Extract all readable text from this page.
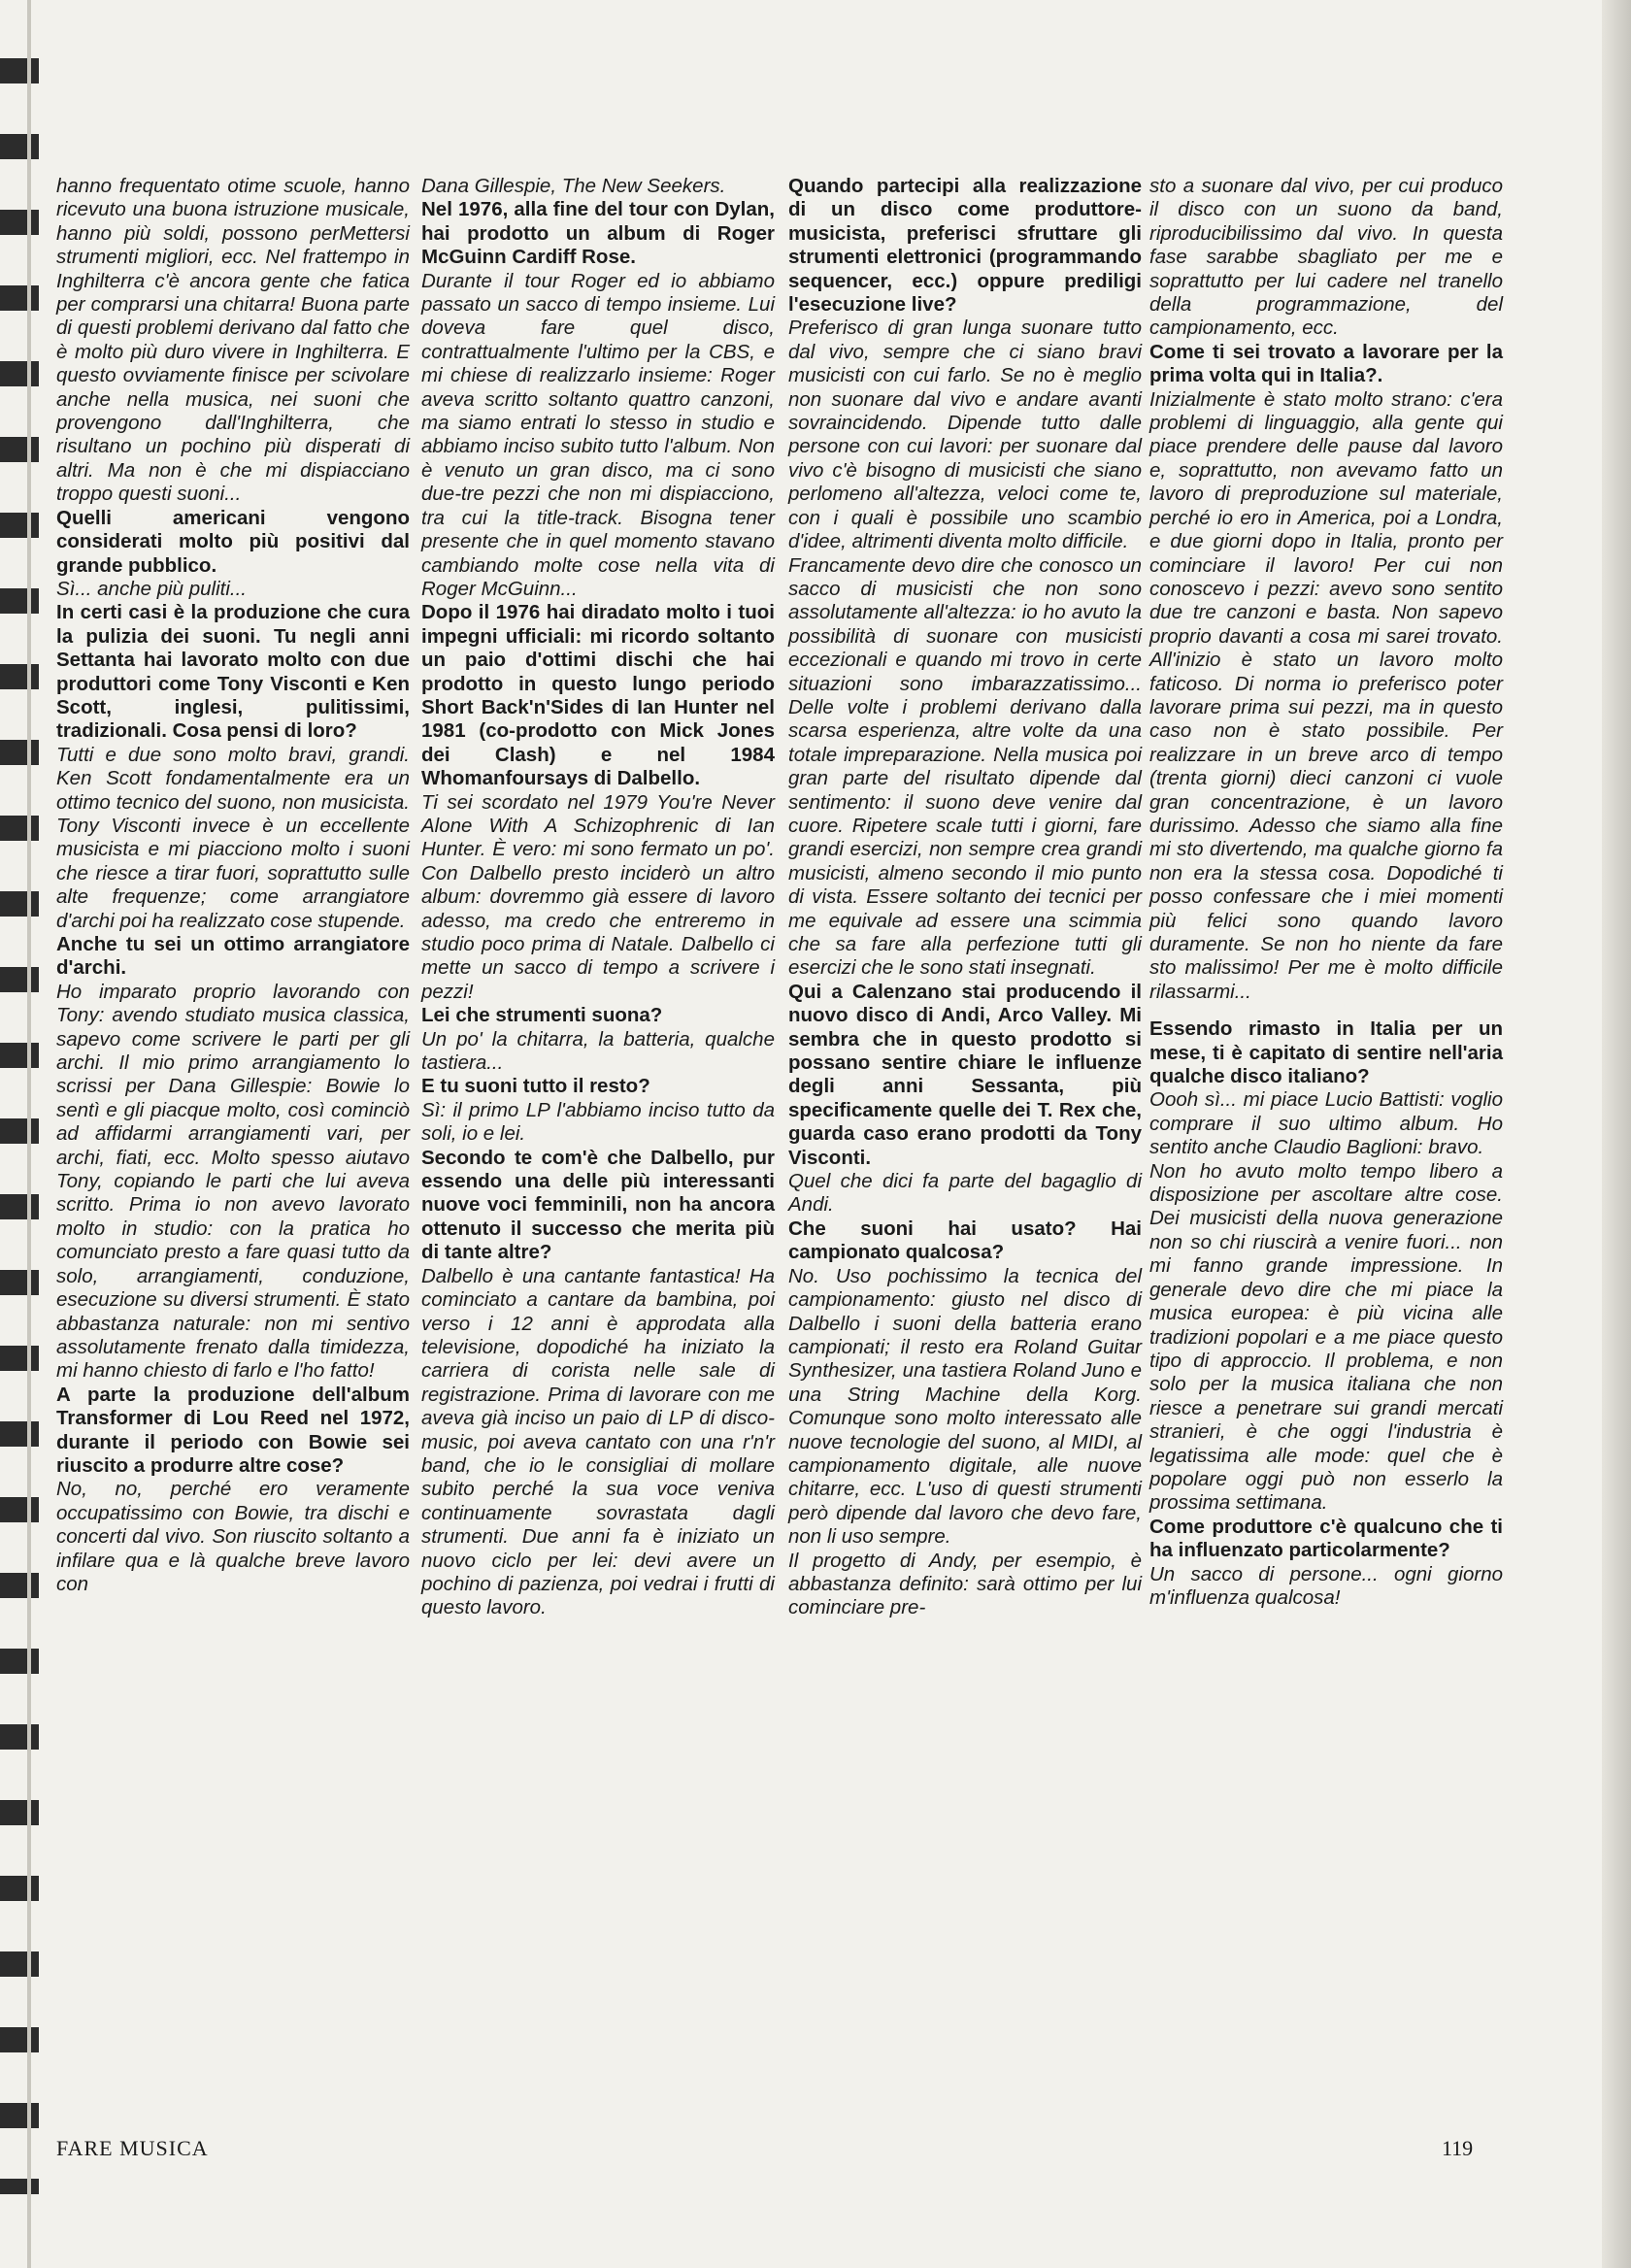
hanno frequentato otime scuole, hanno ricevuto una buona istruzione musicale, hanno più soldi, possono perMettersi strumenti migliori, ecc. Nel frattempo in Inghilterra c'è ancora gente che fatica per comprarsi una chitarra! Buona parte di questi problemi derivano dal fatto che è molto più duro vivere in Inghilterra. E questo ovviamente finisce per scivolare anche nella musica, nei suoni che provengono dall'Inghilterra, che risultano un pochino più disperati di altri. Ma non è che mi dispiacciano troppo questi suoni...

Quelli americani vengono considerati molto più positivi dal grande pubblico.

Sì... anche più puliti...

In certi casi è la produzione che cura la pulizia dei suoni. Tu negli anni Settanta hai lavorato molto con due produttori come Tony Visconti e Ken Scott, inglesi, pulitissimi, tradizionali. Cosa pensi di loro?

Tutti e due sono molto bravi, grandi. Ken Scott fondamentalmente era un ottimo tecnico del suono, non musicista. Tony Visconti invece è un eccellente musicista e mi piacciono molto i suoni che riesce a tirar fuori, soprattutto sulle alte frequenze; come arrangiatore d'archi poi ha realizzato cose stupende.

Anche tu sei un ottimo arrangiatore d'archi.

Ho imparato proprio lavorando con Tony: avendo studiato musica classica, sapevo come scrivere le parti per gli archi. Il mio primo arrangiamento lo scrissi per Dana Gillespie: Bowie lo sentì e gli piacque molto, così cominciò ad affidarmi arrangiamenti vari, per archi, fiati, ecc. Molto spesso aiutavo Tony, copiando le parti che lui aveva scritto. Prima io non avevo lavorato molto in studio: con la pratica ho comunciato presto a fare quasi tutto da solo, arrangiamenti, conduzione, esecuzione su diversi strumenti. È stato abbastanza naturale: non mi sentivo assolutamente frenato dalla timidezza, mi hanno chiesto di farlo e l'ho fatto!

A parte la produzione dell'album Transformer di Lou Reed nel 1972, durante il periodo con Bowie sei riuscito a produrre altre cose?

No, no, perché ero veramente occupatissimo con Bowie, tra dischi e concerti dal vivo. Son riuscito soltanto a infilare qua e là qualche breve lavoro con

Dana Gillespie, The New Seekers.

Nel 1976, alla fine del tour con Dylan, hai prodotto un album di Roger McGuinn Cardiff Rose.

Durante il tour Roger ed io abbiamo passato un sacco di tempo insieme. Lui doveva fare quel disco, contrattualmente l'ultimo per la CBS, e mi chiese di realizzarlo insieme: Roger aveva scritto soltanto quattro canzoni, ma siamo entrati lo stesso in studio e abbiamo inciso subito tutto l'album. Non è venuto un gran disco, ma ci sono due-tre pezzi che non mi dispiacciono, tra cui la title-track. Bisogna tener presente che in quel momento stavano cambiando molte cose nella vita di Roger McGuinn...

Dopo il 1976 hai diradato molto i tuoi impegni ufficiali: mi ricordo soltanto un paio d'ottimi dischi che hai prodotto in questo lungo periodo Short Back'n'Sides di Ian Hunter nel 1981 (co-prodotto con Mick Jones dei Clash) e nel 1984 Whomanfoursays di Dalbello.

Ti sei scordato nel 1979 You're Never Alone With A Schizophrenic di Ian Hunter. È vero: mi sono fermato un po'. Con Dalbello presto inciderò un altro album: dovremmo già essere di lavoro adesso, ma credo che entreremo in studio poco prima di Natale. Dalbello ci mette un sacco di tempo a scrivere i pezzi!

Lei che strumenti suona?

Un po' la chitarra, la batteria, qualche tastiera...

E tu suoni tutto il resto?

Sì: il primo LP l'abbiamo inciso tutto da soli, io e lei.

Secondo te com'è che Dalbello, pur essendo una delle più interessanti nuove voci femminili, non ha ancora ottenuto il successo che merita più di tante altre?

Dalbello è una cantante fantastica! Ha cominciato a cantare da bambina, poi verso i 12 anni è approdata alla televisione, dopodiché ha iniziato la carriera di corista nelle sale di registrazione. Prima di lavorare con me aveva già inciso un paio di LP di disco-music, poi aveva cantato con una r'n'r band, che io le consigliai di mollare subito perché la sua voce veniva continuamente sovrastata dagli strumenti. Due anni fa è iniziato un nuovo ciclo per lei: devi avere un pochino di pazienza, poi vedrai i frutti di questo lavoro.

Quando partecipi alla realizzazione di un disco come produttore-musicista, preferisci sfruttare gli strumenti elettronici (programmando sequencer, ecc.) oppure prediligi l'esecuzione live?

Preferisco di gran lunga suonare tutto dal vivo, sempre che ci siano bravi musicisti con cui farlo. Se no è meglio non suonare dal vivo e andare avanti sovraincidendo. Dipende tutto dalle persone con cui lavori: per suonare dal vivo c'è bisogno di musicisti che siano perlomeno all'altezza, veloci come te, con i quali è possibile uno scambio d'idee, altrimenti diventa molto difficile.

Francamente devo dire che conosco un sacco di musicisti che non sono assolutamente all'altezza: io ho avuto la possibilità di suonare con musicisti eccezionali e quando mi trovo in certe situazioni sono imbarazzatissimo... Delle volte i problemi derivano dalla scarsa esperienza, altre volte da una totale impreparazione. Nella musica poi gran parte del risultato dipende dal sentimento: il suono deve venire dal cuore. Ripetere scale tutti i giorni, fare grandi esercizi, non sempre crea grandi musicisti, almeno secondo il mio punto di vista. Essere soltanto dei tecnici per me equivale ad essere una scimmia che sa fare alla perfezione tutti gli esercizi che le sono stati insegnati.

Qui a Calenzano stai producendo il nuovo disco di Andi, Arco Valley. Mi sembra che in questo prodotto si possano sentire chiare le influenze degli anni Sessanta, più specificamente quelle dei T. Rex che, guarda caso erano prodotti da Tony Visconti.

Quel che dici fa parte del bagaglio di Andi.

Che suoni hai usato? Hai campionato qualcosa?

No. Uso pochissimo la tecnica del campionamento: giusto nel disco di Dalbello i suoni della batteria erano campionati; il resto era Roland Guitar Synthesizer, una tastiera Roland Juno e una String Machine della Korg. Comunque sono molto interessato alle nuove tecnologie del suono, al MIDI, al campionamento digitale, alle nuove chitarre, ecc. L'uso di questi strumenti però dipende dal lavoro che devo fare, non li uso sempre.

Il progetto di Andy, per esempio, è abbastanza definito: sarà ottimo per lui cominciare pre-

sto a suonare dal vivo, per cui produco il disco con un suono da band, riproducibilissimo dal vivo. In questa fase sarabbe sbagliato per me e soprattutto per lui cadere nel tranello della programmazione, del campionamento, ecc.

Come ti sei trovato a lavorare per la prima volta qui in Italia?.

Inizialmente è stato molto strano: c'era problemi di linguaggio, alla gente qui piace prendere delle pause dal lavoro e, soprattutto, non avevamo fatto un lavoro di preproduzione sul materiale, perché io ero in America, poi a Londra, e due giorni dopo in Italia, pronto per cominciare il lavoro! Per cui non conoscevo i pezzi: avevo sono sentito due tre canzoni e basta. Non sapevo proprio davanti a cosa mi sarei trovato. All'inizio è stato un lavoro molto faticoso. Di norma io preferisco poter lavorare prima sui pezzi, ma in questo caso non è stato possibile. Per realizzare in un breve arco di tempo (trenta giorni) dieci canzoni ci vuole gran concentrazione, è un lavoro durissimo. Adesso che siamo alla fine mi sto divertendo, ma qualche giorno fa non era la stessa cosa. Dopodiché ti posso confessare che i miei momenti più felici sono quando lavoro duramente. Se non ho niente da fare sto malissimo! Per me è molto difficile rilassarmi...

Essendo rimasto in Italia per un mese, ti è capitato di sentire nell'aria qualche disco italiano?

Oooh sì... mi piace Lucio Battisti: voglio comprare il suo ultimo album. Ho sentito anche Claudio Baglioni: bravo.

Non ho avuto molto tempo libero a disposizione per ascoltare altre cose. Dei musicisti della nuova generazione non so chi riuscirà a venire fuori... non mi fanno grande impressione. In generale devo dire che mi piace la musica europea: è più vicina alle tradizioni popolari e a me piace questo tipo di approccio. Il problema, e non solo per la musica italiana che non riesce a penetrare sui grandi mercati stranieri, è che oggi l'industria è legatissima alle mode: quel che è popolare oggi può non esserlo la prossima settimana.

Come produttore c'è qualcuno che ti ha influenzato particolarmente?

Un sacco di persone... ogni giorno m'influenza qualcosa!

FARE MUSICA	119
